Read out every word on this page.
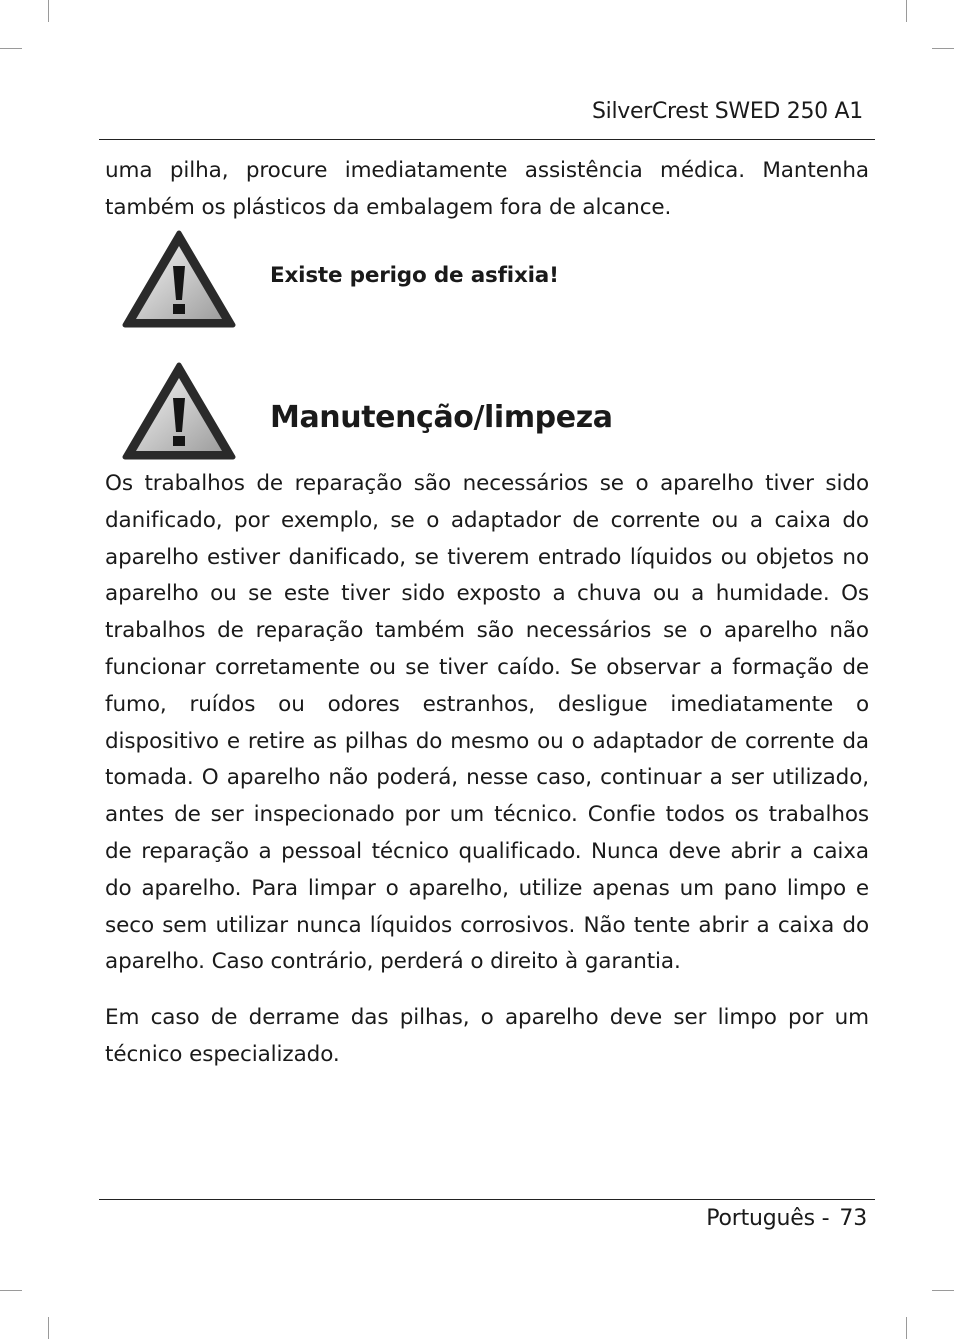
SilverCrest SWED 250 A1

uma pilha, procure imediatamente assistência médica. Mantenha também os plásticos da embalagem fora de alcance.

Existe perigo de asfixia!
Manutenção/limpeza

Os trabalhos de reparação são necessários se o aparelho tiver sido danificado, por exemplo, se o adaptador de corrente ou a caixa do aparelho estiver danificado, se tiverem entrado líquidos ou objetos no aparelho ou se este tiver sido exposto a chuva ou a humidade. Os trabalhos de reparação também são necessários se o aparelho não funcionar corretamente ou se tiver caído. Se observar a formação de fumo, ruídos ou odores estranhos, desligue imediatamente o dispositivo e retire as pilhas do mesmo ou o adaptador de corrente da tomada. O aparelho não poderá, nesse caso, continuar a ser utilizado, antes de ser inspecionado por um técnico. Confie todos os trabalhos de reparação a pessoal técnico qualificado. Nunca deve abrir a caixa do aparelho. Para limpar o aparelho, utilize apenas um pano limpo e seco sem utilizar nunca líquidos corrosivos. Não tente abrir a caixa do aparelho. Caso contrário, perderá o direito à garantia.

Em caso de derrame das pilhas, o aparelho deve ser limpo por um técnico especializado.

Português - 73
